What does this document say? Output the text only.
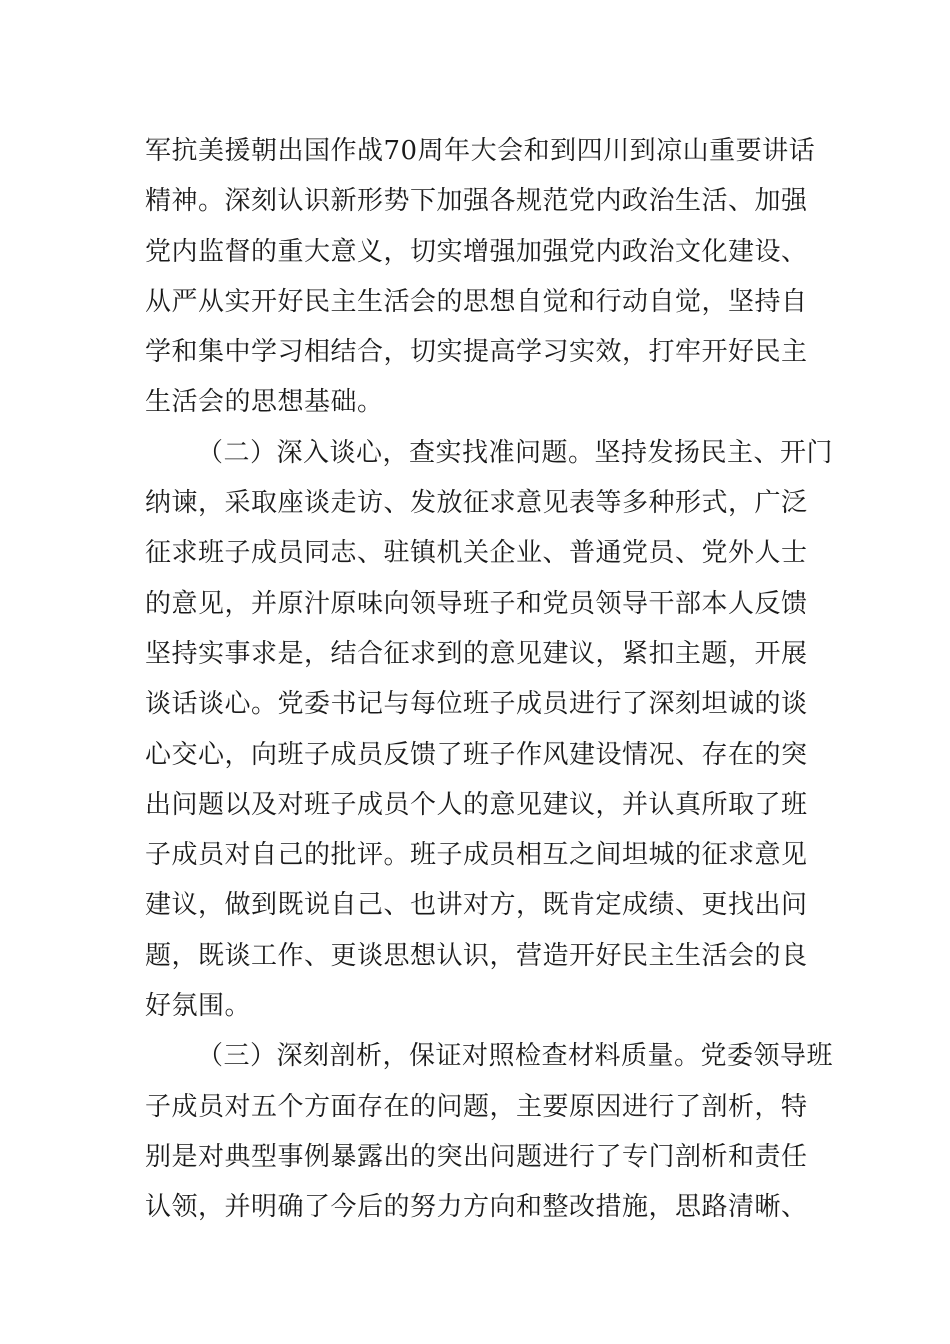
军抗美援朝出国作战70周年大会和到四川到凉山重要讲话
精神。深刻认识新形势下加强各规范党内政治生活、加强
党内监督的重大意义，切实增强加强党内政治文化建设、
从严从实开好民主生活会的思想自觉和行动自觉，坚持自
学和集中学习相结合，切实提高学习实效，打牢开好民主
生活会的思想基础。
（二）深入谈心，查实找准问题。坚持发扬民主、开门
纳谏，采取座谈走访、发放征求意见表等多种形式，广泛
征求班子成员同志、驻镇机关企业、普通党员、党外人士
的意见，并原汁原味向领导班子和党员领导干部本人反馈
坚持实事求是，结合征求到的意见建议，紧扣主题，开展
谈话谈心。党委书记与每位班子成员进行了深刻坦诚的谈
心交心，向班子成员反馈了班子作风建设情况、存在的突
出问题以及对班子成员个人的意见建议，并认真所取了班
子成员对自己的批评。班子成员相互之间坦城的征求意见
建议，做到既说自己、也讲对方，既肯定成绩、更找出问
题，既谈工作、更谈思想认识，营造开好民主生活会的良
好氛围。
（三）深刻剖析，保证对照检查材料质量。党委领导班
子成员对五个方面存在的问题，主要原因进行了剖析，特
别是对典型事例暴露出的突出问题进行了专门剖析和责任
认领，并明确了今后的努力方向和整改措施，思路清晰、
